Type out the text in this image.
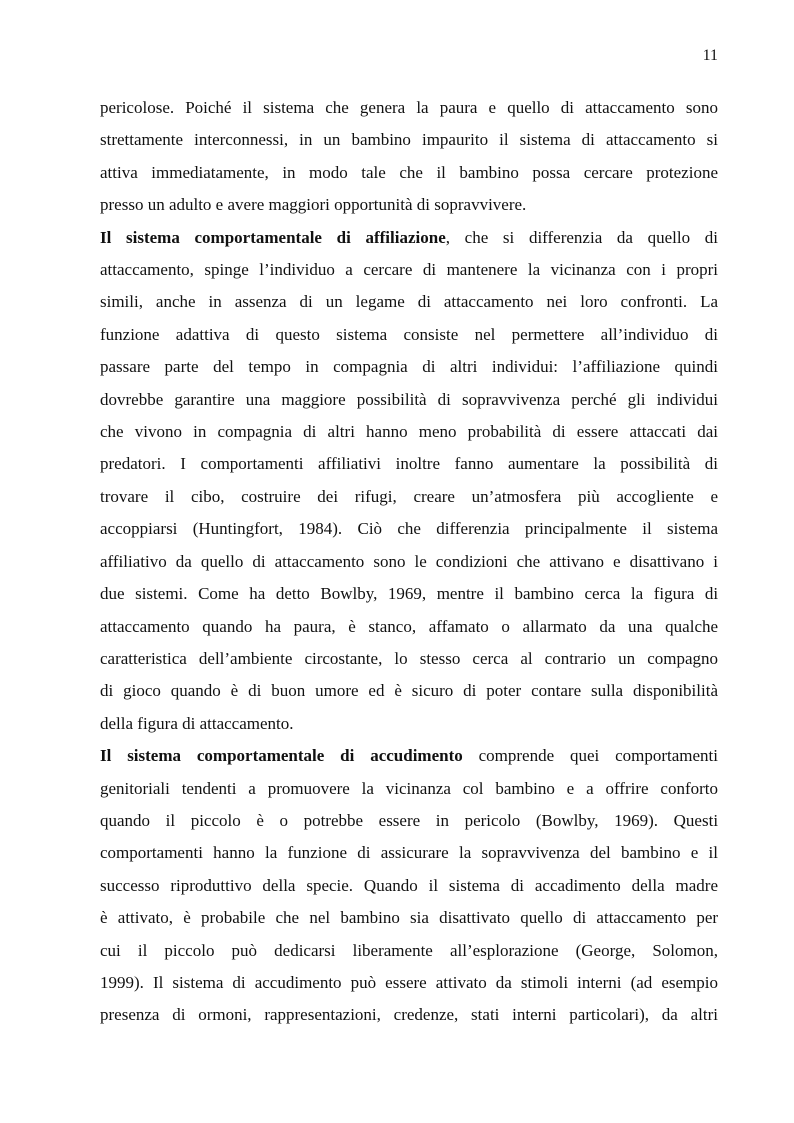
11
pericolose. Poiché il sistema che genera la paura e quello di attaccamento sono
strettamente interconnessi, in un bambino impaurito il sistema di attaccamento si
attiva immediatamente, in modo tale che il bambino possa cercare protezione
presso un adulto e avere maggiori opportunità di sopravvivere.
Il sistema comportamentale di affiliazione, che si differenzia da quello di
attaccamento, spinge l’individuo a cercare di mantenere la vicinanza con i propri
simili, anche in assenza di un legame di attaccamento nei loro confronti. La
funzione adattiva di questo sistema consiste nel permettere all’individuo di
passare parte del tempo in compagnia di altri individui: l’affiliazione quindi
dovrebbe garantire una maggiore possibilità di sopravvivenza perché gli individui
che vivono in compagnia di altri hanno meno probabilità di essere attaccati dai
predatori. I comportamenti affiliativi inoltre fanno aumentare la possibilità di
trovare il cibo, costruire dei rifugi, creare un’atmosfera più accogliente e
accoppiarsi (Huntingfort, 1984). Ciò che differenzia principalmente il sistema
affiliativo da quello di attaccamento sono le condizioni che attivano e disattivano i
due sistemi. Come ha detto Bowlby, 1969, mentre il bambino cerca la figura di
attaccamento quando ha paura, è stanco, affamato o allarmato da una qualche
caratteristica dell’ambiente circostante, lo stesso cerca al contrario un compagno
di gioco quando è di buon umore ed è sicuro di poter contare sulla disponibilità
della figura di attaccamento.
Il sistema comportamentale di accudimento comprende quei comportamenti
genitoriali tendenti a promuovere la vicinanza col bambino e a offrire conforto
quando il piccolo è o potrebbe essere in pericolo (Bowlby, 1969). Questi
comportamenti hanno la funzione di assicurare la sopravvivenza del bambino e il
successo riproduttivo della specie. Quando il sistema di accadimento della madre
è attivato, è probabile che nel bambino sia disattivato quello di attaccamento per
cui il piccolo può dedicarsi liberamente all’esplorazione (George, Solomon,
1999). Il sistema di accudimento può essere attivato da stimoli interni (ad esempio
presenza di ormoni, rappresentazioni, credenze, stati interni particolari), da altri
